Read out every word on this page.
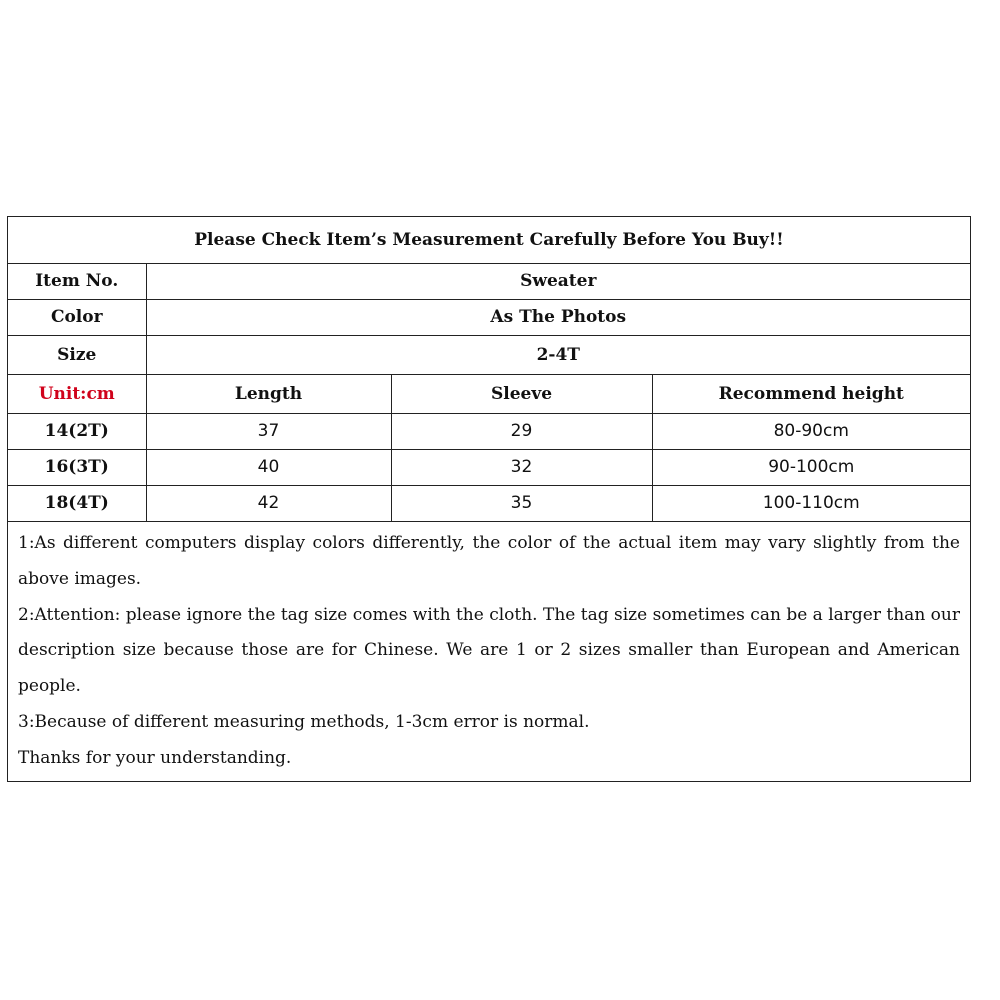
Please Check Item’s Measurement Carefully Before You Buy!!			
Item No.	Sweater		
Color	As The Photos		
Size	2-4T		
Unit:cm	Length	Sleeve	Recommend height
14(2T)	37	29	80-90cm
16(3T)	40	32	90-100cm
18(4T)	42	35	100-110cm

1:As different computers display colors differently, the color of the actual item may vary slightly from the above images.

2:Attention: please ignore the tag size comes with the cloth. The tag size sometimes can be a larger than our description size because those are for Chinese. We are 1 or 2 sizes smaller than European and American people.

3:Because of different measuring methods, 1-3cm error is normal.

Thanks for your understanding.
